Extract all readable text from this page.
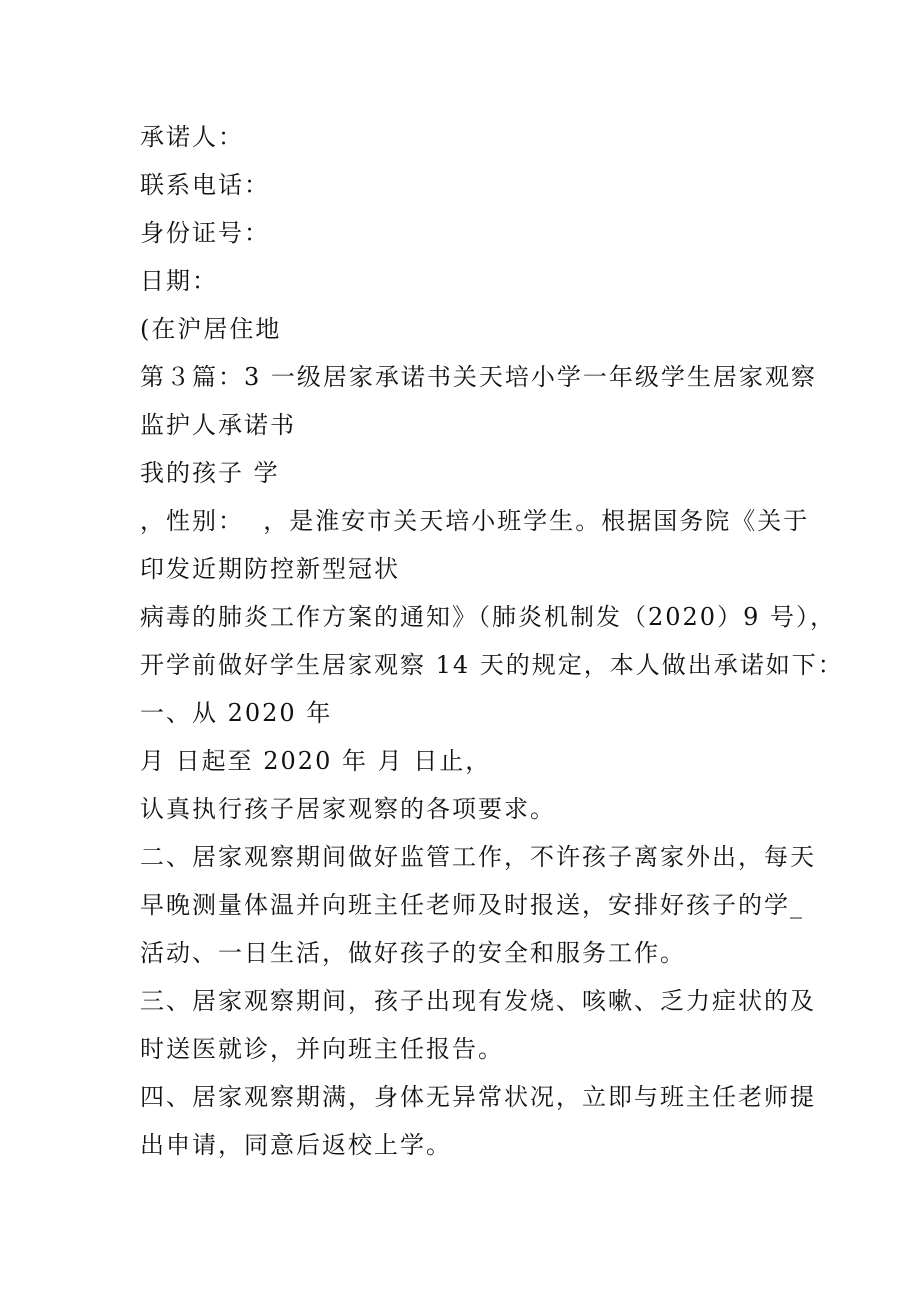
承诺人：

联系电话：

身份证号：

日期：

(在沪居住地

第３篇：3 一级居家承诺书关天培小学一年级学生居家观察

监护人承诺书

我的孩子 学

，性别：  ，是淮安市关天培小班学生。根据国务院《关于

印发近期防控新型冠状

病毒的肺炎工作方案的通知》（肺炎机制发（2020）9 号），

开学前做好学生居家观察 14 天的规定，本人做出承诺如下：

一、从 2020 年

月 日起至 2020 年 月 日止，

认真执行孩子居家观察的各项要求。

二、居家观察期间做好监管工作，不许孩子离家外出，每天

早晚测量体温并向班主任老师及时报送，安排好孩子的学_

活动、一日生活，做好孩子的安全和服务工作。

三、居家观察期间，孩子出现有发烧、咳嗽、乏力症状的及

时送医就诊，并向班主任报告。

四、居家观察期满，身体无异常状况，立即与班主任老师提

出申请，同意后返校上学。
